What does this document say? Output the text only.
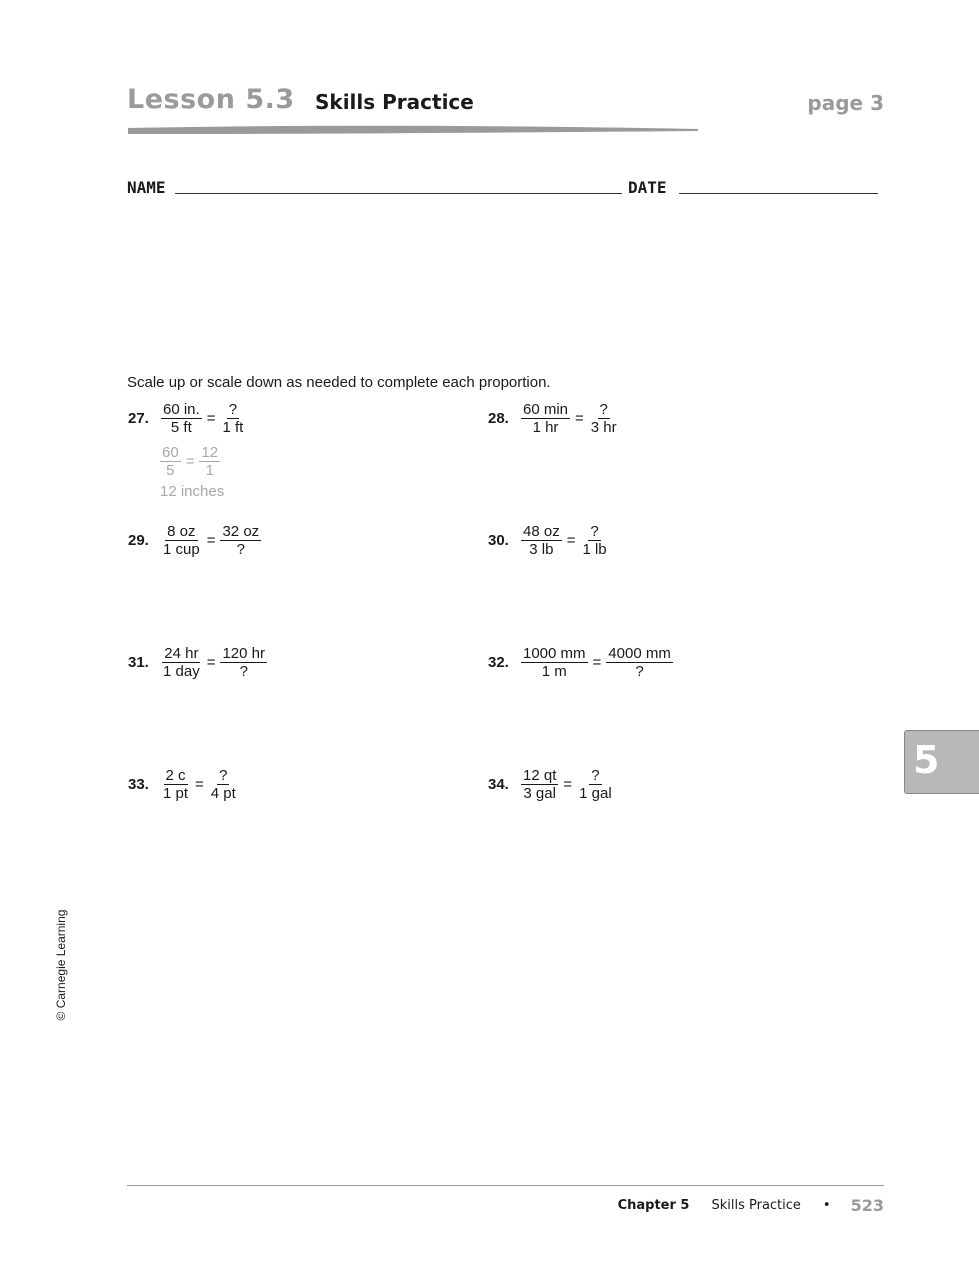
Lesson 5.3 Skills Practice	page 3
NAME	DATE
Scale up or scale down as needed to complete each proportion.
27. $\frac{60 in.}{5 ft} = \frac{?}{1 ft}$	28. $\frac{60 \min}{1 hr} = \frac{?}{3 hr}$
$\frac{60}{5} = \frac{12}{1}$
12 inches
29. $\frac{8 oz}{\text{1 cup}} = \frac{32 oz}{?}$	30. $\frac{48 oz}{3 lb} = \frac{?}{1 lb}$
31. $\frac{24 hr}{\text{1 day}} = \frac{120 hr}{?}$	32. $\frac{1000 mm}{1 m} = \frac{4000 mm}{?}$
33. $\frac{2 c}{1 pt} = \frac{?}{4 pt}$	34. $\frac{12 qt}{\text{3 gal}} = \frac{?}{\text{1 gal}}$
5
© Carnegie Learning
Chapter 5 Skills Practice • 523
